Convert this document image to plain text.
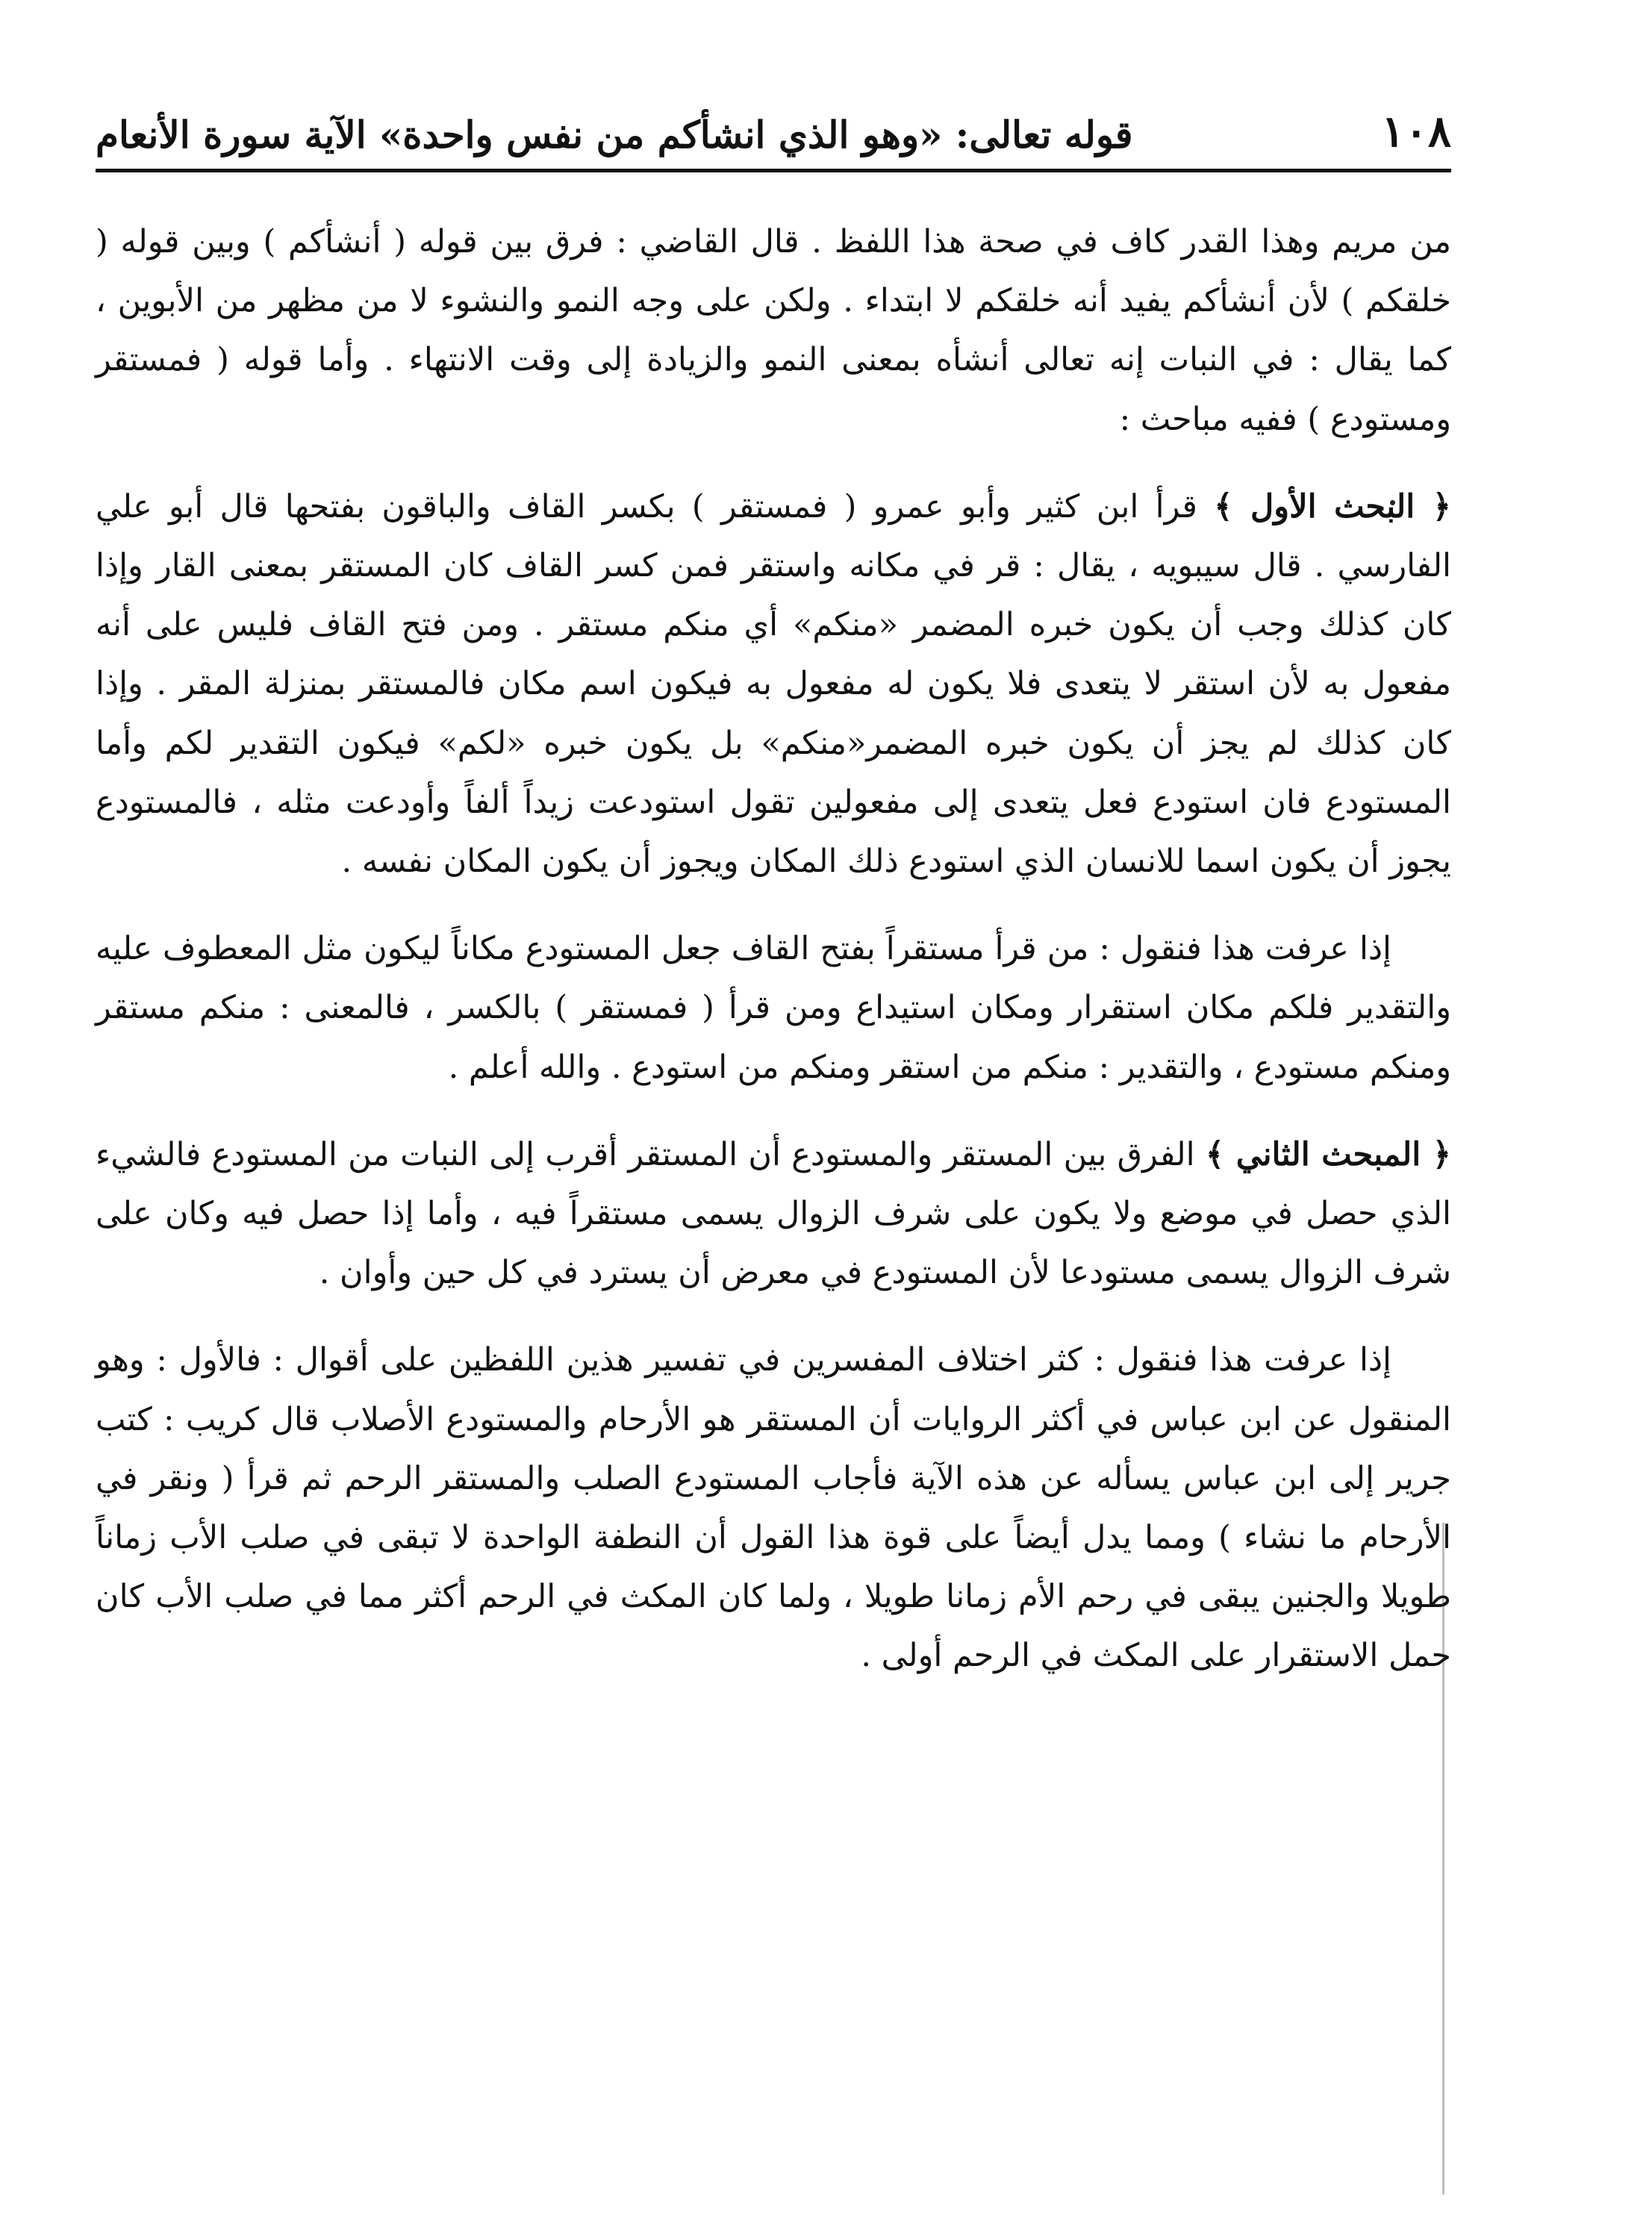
١٠٨
قوله تعالى: «وهو الذي انشأكم من نفس واحدة» الآية سورة الأنعام

من مريم وهذا القدر كاف في صحة هذا اللفظ . قال القاضي : فرق بين قوله ( أنشأكم ) وبين قوله ( خلقكم ) لأن أنشأكم يفيد أنه خلقكم لا ابتداء . ولكن على وجه النمو والنشوء لا من مظهر من الأبوين ، كما يقال : في النبات إنه تعالى أنشأه بمعنى النمو والزيادة إلى وقت الانتهاء . وأما قوله ( فمستقر ومستودع ) ففيه مباحث :

﴿ البحث الأول ﴾ قرأ ابن كثير وأبو عمرو ( فمستقر ) بكسر القاف والباقون بفتحها قال أبو علي الفارسي . قال سيبويه ، يقال : قر في مكانه واستقر فمن كسر القاف كان المستقر بمعنى القار وإذا كان كذلك وجب أن يكون خبره المضمر «منكم» أي منكم مستقر . ومن فتح القاف فليس على أنه مفعول به لأن استقر لا يتعدى فلا يكون له مفعول به فيكون اسم مكان فالمستقر بمنزلة المقر . وإذا كان كذلك لم يجز أن يكون خبره المضمر«منكم» بل يكون خبره «لكم» فيكون التقدير لكم وأما المستودع فان استودع فعل يتعدى إلى مفعولين تقول استودعت زيداً ألفاً وأودعت مثله ، فالمستودع يجوز أن يكون اسما للانسان الذي استودع ذلك المكان ويجوز أن يكون المكان نفسه .

إذا عرفت هذا فنقول : من قرأ مستقراً بفتح القاف جعل المستودع مكاناً ليكون مثل المعطوف عليه والتقدير فلكم مكان استقرار ومكان استيداع ومن قرأ ( فمستقر ) بالكسر ، فالمعنى : منكم مستقر ومنكم مستودع ، والتقدير : منكم من استقر ومنكم من استودع . والله أعلم .

﴿ المبحث الثاني ﴾ الفرق بين المستقر والمستودع أن المستقر أقرب إلى النبات من المستودع فالشيء الذي حصل في موضع ولا يكون على شرف الزوال يسمى مستقراً فيه ، وأما إذا حصل فيه وكان على شرف الزوال يسمى مستودعا لأن المستودع في معرض أن يسترد في كل حين وأوان .

إذا عرفت هذا فنقول : كثر اختلاف المفسرين في تفسير هذين اللفظين على أقوال : فالأول : وهو المنقول عن ابن عباس في أكثر الروايات أن المستقر هو الأرحام والمستودع الأصلاب قال كريب : كتب جرير إلى ابن عباس يسأله عن هذه الآية فأجاب المستودع الصلب والمستقر الرحم ثم قرأ ( ونقر في الأرحام ما نشاء ) ومما يدل أيضاً على قوة هذا القول أن النطفة الواحدة لا تبقى في صلب الأب زماناً طويلا والجنين يبقى في رحم الأم زمانا طويلا ، ولما كان المكث في الرحم أكثر مما في صلب الأب كان حمل الاستقرار على المكث في الرحم أولى .
